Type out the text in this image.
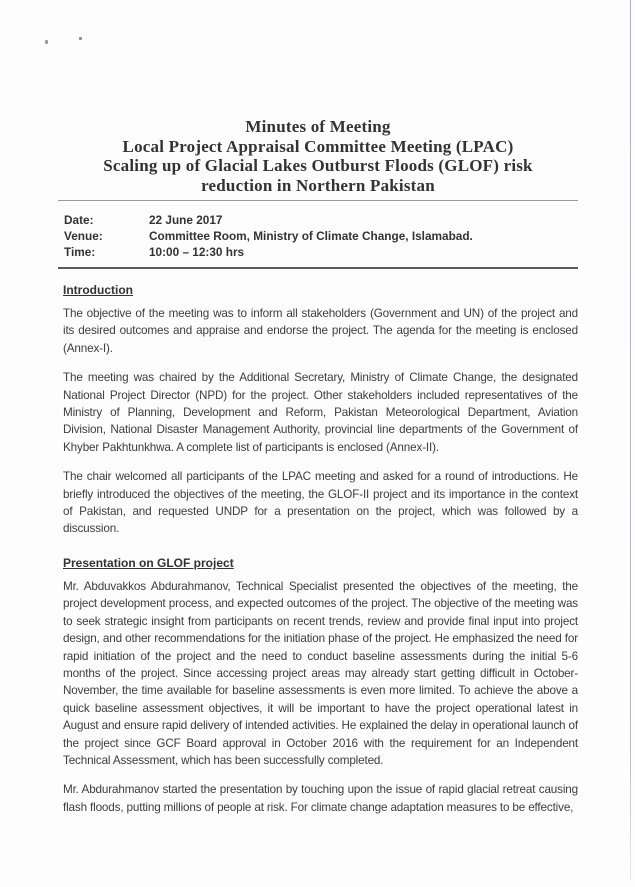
Minutes of Meeting
Local Project Appraisal Committee Meeting (LPAC)
Scaling up of Glacial Lakes Outburst Floods (GLOF) risk
reduction in Northern Pakistan
Date:	22 June 2017
Venue:	Committee Room, Ministry of Climate Change, Islamabad.
Time:	10:00 – 12:30 hrs
Introduction

The objective of the meeting was to inform all stakeholders (Government and UN) of the project and its desired outcomes and appraise and endorse the project. The agenda for the meeting is enclosed (Annex-I).

The meeting was chaired by the Additional Secretary, Ministry of Climate Change, the designated National Project Director (NPD) for the project. Other stakeholders included representatives of the Ministry of Planning, Development and Reform, Pakistan Meteorological Department, Aviation Division, National Disaster Management Authority, provincial line departments of the Government of Khyber Pakhtunkhwa. A complete list of participants is enclosed (Annex-II).

The chair welcomed all participants of the LPAC meeting and asked for a round of introductions. He briefly introduced the objectives of the meeting, the GLOF-II project and its importance in the context of Pakistan, and requested UNDP for a presentation on the project, which was followed by a discussion.

Presentation on GLOF project

Mr. Abduvakkos Abdurahmanov, Technical Specialist presented the objectives of the meeting, the project development process, and expected outcomes of the project. The objective of the meeting was to seek strategic insight from participants on recent trends, review and provide final input into project design, and other recommendations for the initiation phase of the project. He emphasized the need for rapid initiation of the project and the need to conduct baseline assessments during the initial 5-6 months of the project. Since accessing project areas may already start getting difficult in October-November, the time available for baseline assessments is even more limited. To achieve the above a quick baseline assessment objectives, it will be important to have the project operational latest in August and ensure rapid delivery of intended activities. He explained the delay in operational launch of the project since GCF Board approval in October 2016 with the requirement for an Independent Technical Assessment, which has been successfully completed.

Mr. Abdurahmanov started the presentation by touching upon the issue of rapid glacial retreat causing flash floods, putting millions of people at risk. For climate change adaptation measures to be effective,
